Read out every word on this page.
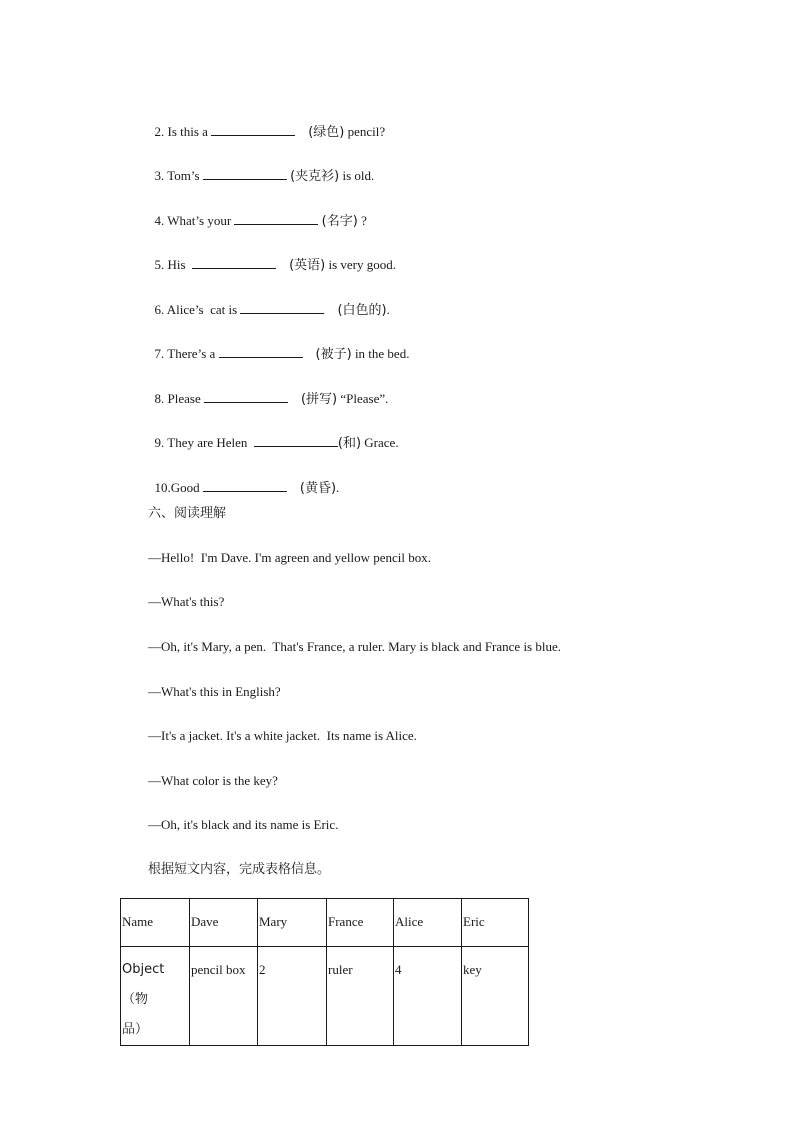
2. Is this a	(绿色) pencil?

3. Tom’s	(夹克衫) is old.

4. What’s your	(名字) ?

5. His	(英语) is very good.

6. Alice’s  cat is	(白色的).

7. There’s a	(被子) in the bed.

8. Please	(拼写) “Please”.

9. They are Helen	(和) Grace.

10.Good	(黄昏).

六、阅读理解
—Hello!  I'm Dave. I'm agreen and yellow pencil box.
—What's this?
—Oh, it's Mary, a pen.  That's France, a ruler. Mary is black and France is blue.
—What's this in English?
—It's a jacket. It's a white jacket.  Its name is Alice.
—What color is the key?
—Oh, it's black and its name is Eric.
根据短文内容，完成表格信息。
Name	Dave	Mary	France	Alice	Eric
Object（物
品）	pencil box	2	ruler	4	key
